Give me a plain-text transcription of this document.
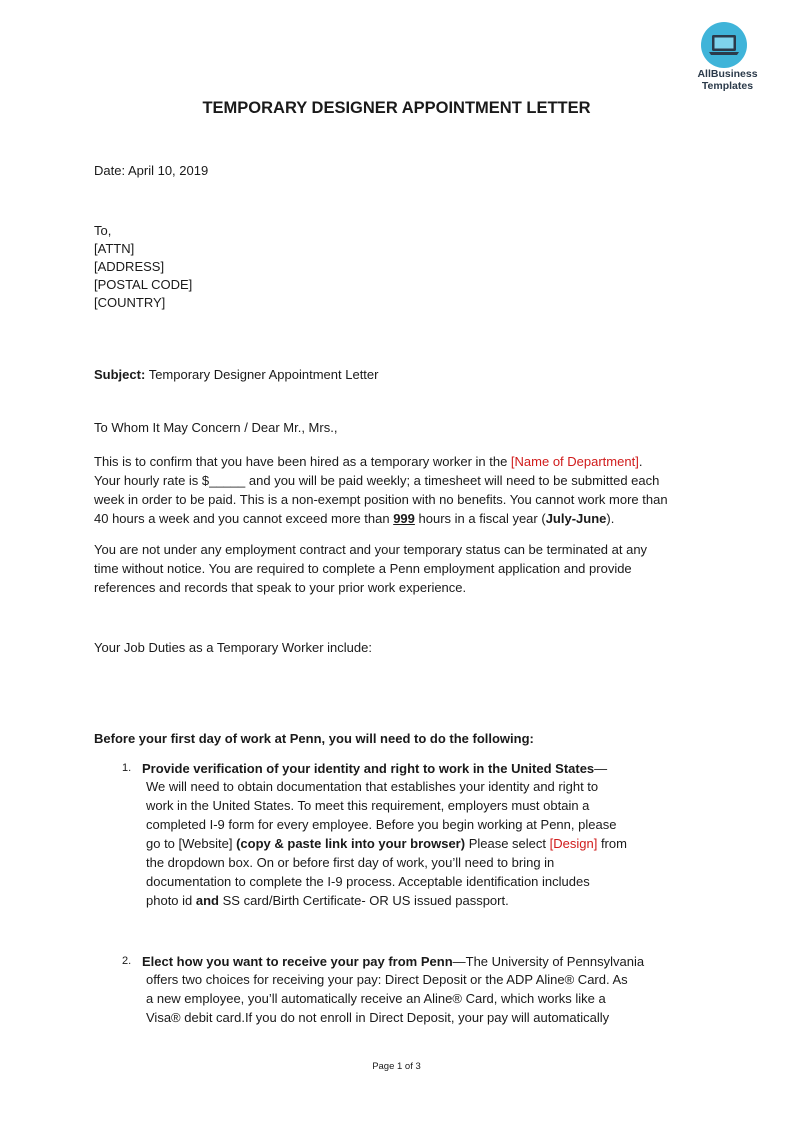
AllBusiness
Templates
TEMPORARY DESIGNER APPOINTMENT LETTER
Date: April 10, 2019
To,
[ATTN]
[ADDRESS]
[POSTAL CODE]
[COUNTRY]
Subject: Temporary Designer Appointment Letter
To Whom It May Concern / Dear Mr., Mrs.,
This is to confirm that you have been hired as a temporary worker in the [Name of Department].
Your hourly rate is $_____ and you will be paid weekly; a timesheet will need to be submitted each
week in order to be paid. This is a non-exempt position with no benefits. You cannot work more than
40 hours a week and you cannot exceed more than 999 hours in a fiscal year (July-June).
You are not under any employment contract and your temporary status can be terminated at any
time without notice. You are required to complete a Penn employment application and provide
references and records that speak to your prior work experience.
Your Job Duties as a Temporary Worker include:
Before your first day of work at Penn, you will need to do the following:
1. Provide verification of your identity and right to work in the United States—
We will need to obtain documentation that establishes your identity and right to
work in the United States. To meet this requirement, employers must obtain a
completed I-9 form for every employee. Before you begin working at Penn, please
go to [Website] (copy & paste link into your browser) Please select [Design] from
the dropdown box. On or before first day of work, you’ll need to bring in
documentation to complete the I-9 process. Acceptable identification includes
photo id and SS card/Birth Certificate- OR US issued passport.
2. Elect how you want to receive your pay from Penn—The University of Pennsylvania
offers two choices for receiving your pay: Direct Deposit or the ADP Aline® Card. As
a new employee, you’ll automatically receive an Aline® Card, which works like a
Visa® debit card.If you do not enroll in Direct Deposit, your pay will automatically
Page 1 of 3
